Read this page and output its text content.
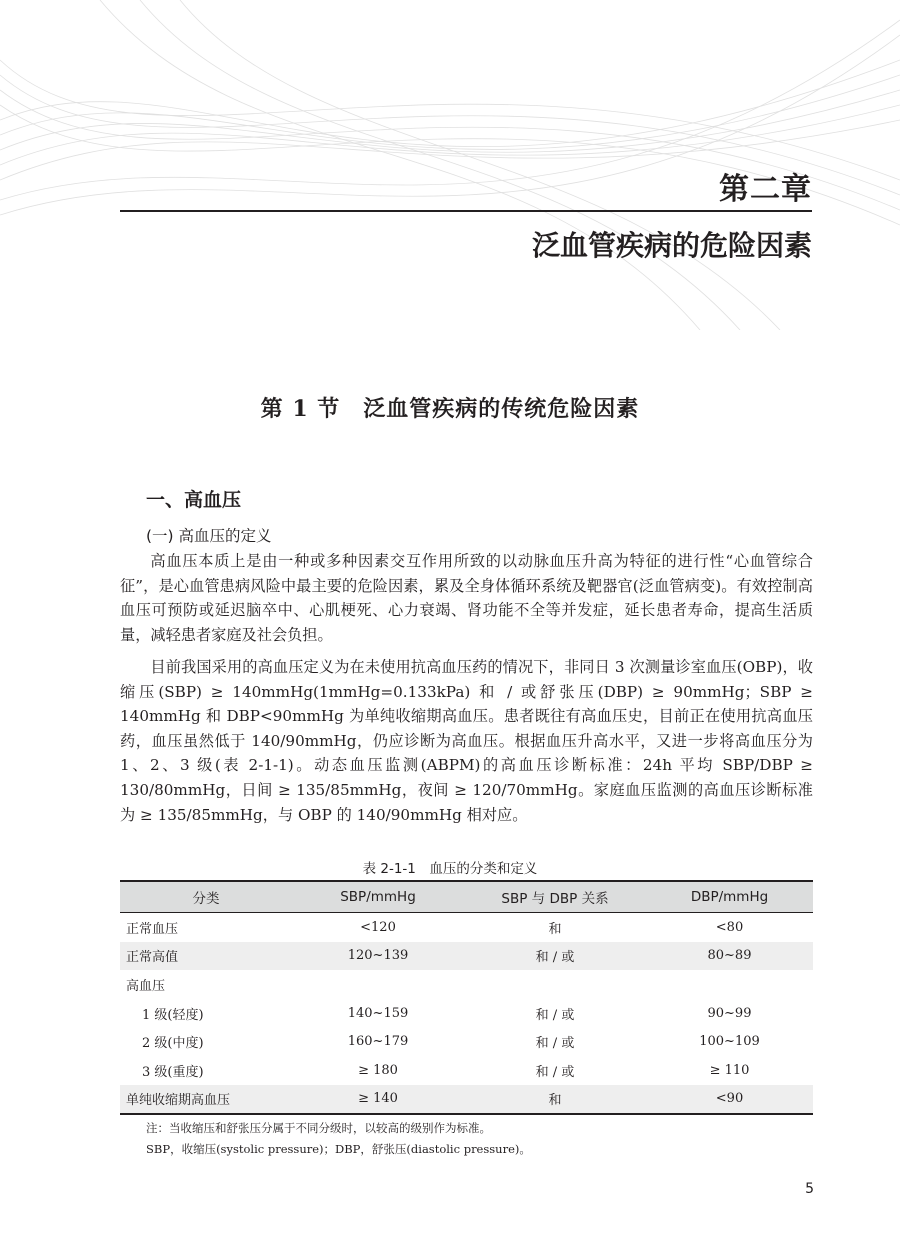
第二章
泛血管疾病的危险因素
第 1 节　泛血管疾病的传统危险因素
一、高血压
(一) 高血压的定义

高血压本质上是由一种或多种因素交互作用所致的以动脉血压升高为特征的进行性“心血管综合征”，是心血管患病风险中最主要的危险因素，累及全身体循环系统及靶器官(泛血管病变)。有效控制高血压可预防或延迟脑卒中、心肌梗死、心力衰竭、肾功能不全等并发症，延长患者寿命，提高生活质量，减轻患者家庭及社会负担。

目前我国采用的高血压定义为在未使用抗高血压药的情况下，非同日 3 次测量诊室血压(OBP)，收缩压(SBP) ≥ 140mmHg(1mmHg=0.133kPa) 和 / 或舒张压(DBP) ≥ 90mmHg；SBP ≥ 140mmHg 和 DBP<90mmHg 为单纯收缩期高血压。患者既往有高血压史，目前正在使用抗高血压药，血压虽然低于 140/90mmHg，仍应诊断为高血压。根据血压升高水平，又进一步将高血压分为 1、2、3 级(表 2-1-1)。动态血压监测(ABPM)的高血压诊断标准：24h 平均 SBP/DBP ≥ 130/80mmHg，日间 ≥ 135/85mmHg，夜间 ≥ 120/70mmHg。家庭血压监测的高血压诊断标准为 ≥ 135/85mmHg，与 OBP 的 140/90mmHg 相对应。

表 2-1-1　血压的分类和定义
分类	SBP/mmHg	SBP 与 DBP 关系	DBP/mmHg
正常血压	<120	和	<80
正常高值	120~139	和 / 或	80~89
高血压			
1 级(轻度)	140~159	和 / 或	90~99
2 级(中度)	160~179	和 / 或	100~109
3 级(重度)	≥ 180	和 / 或	≥ 110
单纯收缩期高血压	≥ 140	和	<90
注：当收缩压和舒张压分属于不同分级时，以较高的级别作为标准。
SBP，收缩压(systolic pressure)；DBP，舒张压(diastolic pressure)。
5
